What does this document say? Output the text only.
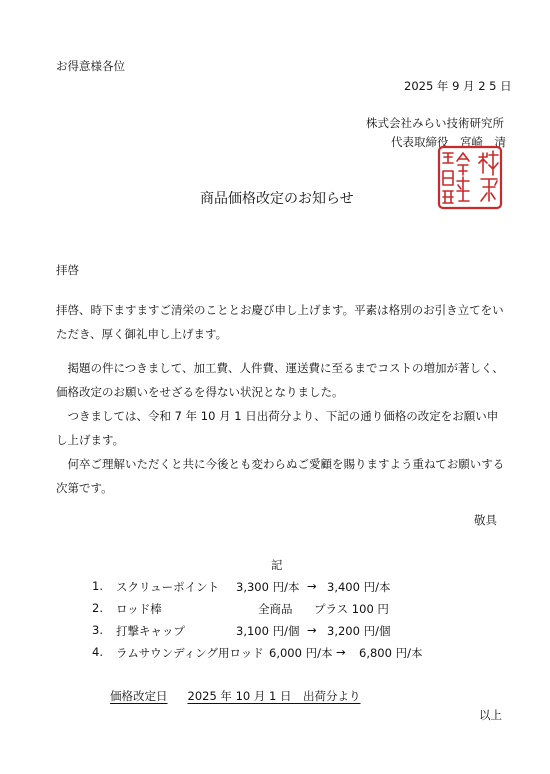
お得意様各位
2025 年 9 月 2 5 日
株式会社みらい技術研究所
代表取締役　宮崎　清
商品価格改定のお知らせ
拝啓
拝啓、時下ますますご清栄のこととお慶び申し上げます。平素は格別のお引き立てをいただき、厚く御礼申し上げます。
　掲題の件につきまして、加工費、人件費、運送費に至るまでコストの増加が著しく、価格改定のお願いをせざるを得ない状況となりました。
　つきましては、令和 7 年 10 月 1 日出荷分より、下記の通り価格の改定をお願い申し上げます。
　何卒ご理解いただくと共に今後とも変わらぬご愛顧を賜りますよう重ねてお願いする次第です。
敬具
記
1. スクリューポイント 3,300 円/本 → 3,400 円/本
2. ロッド棒	全商品 プラス 100 円
3. 打撃キャップ	3,100 円/個 → 3,200 円/個
4. ラムサウンディング用ロッド 6,000 円/本 → 6,800 円/本
価格改定日 2025 年 10 月 1 日　出荷分より
以上
